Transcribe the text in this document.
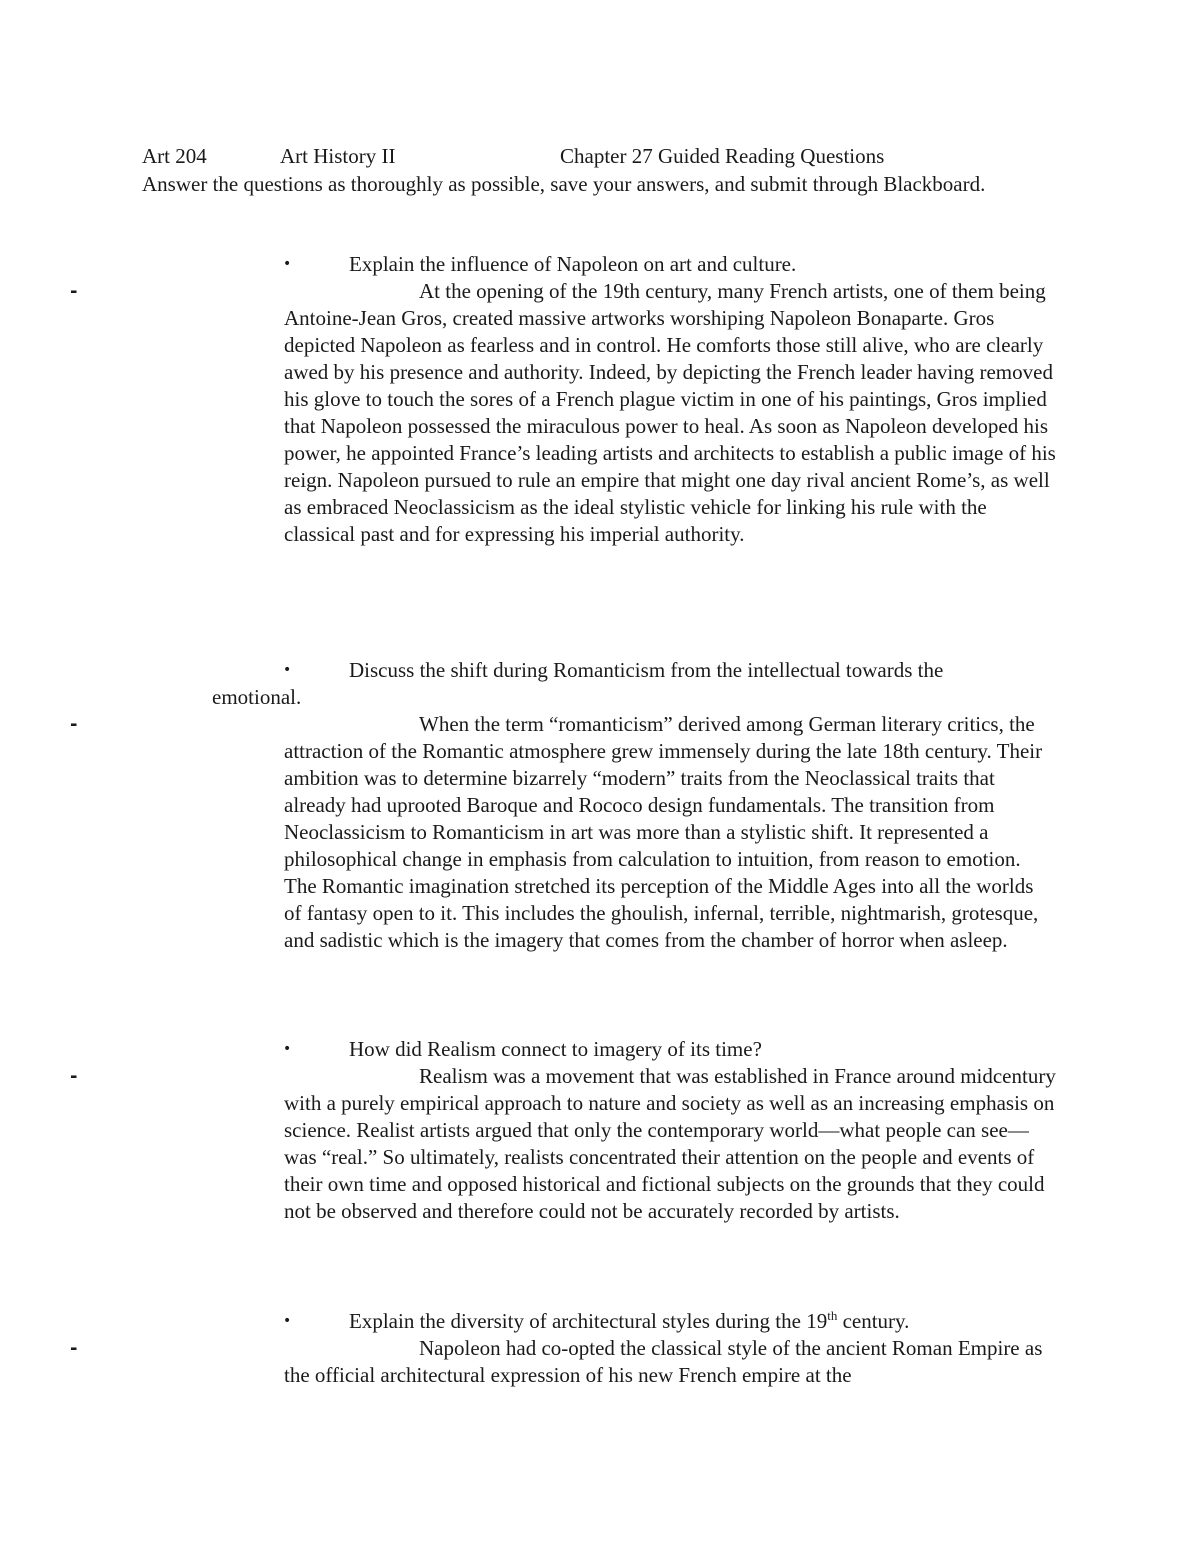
Art 204	Art History II	Chapter 27 Guided Reading Questions

Answer the questions as thoroughly as possible, save your answers, and submit through Blackboard.

•	Explain the influence of Napoleon on art and culture.
-	At the opening of the 19th century, many French artists, one of them being Antoine-Jean Gros, created massive artworks worshiping Napoleon Bonaparte. Gros depicted Napoleon as fearless and in control. He comforts those still alive, who are clearly awed by his presence and authority. Indeed, by depicting the French leader having removed his glove to touch the sores of a French plague victim in one of his paintings, Gros implied that Napoleon possessed the miraculous power to heal. As soon as Napoleon developed his power, he appointed France’s leading artists and architects to establish a public image of his reign. Napoleon pursued to rule an empire that might one day rival ancient Rome’s, as well as embraced Neoclassicism as the ideal stylistic vehicle for linking his rule with the classical past and for expressing his imperial authority.

•	Discuss the shift during Romanticism from the intellectual towards the
emotional.
-	When the term “romanticism” derived among German literary critics, the attraction of the Romantic atmosphere grew immensely during the late 18th century. Their ambition was to determine bizarrely “modern” traits from the Neoclassical traits that already had uprooted Baroque and Rococo design fundamentals. The transition from Neoclassicism to Romanticism in art was more than a stylistic shift. It represented a philosophical change in emphasis from calculation to intuition, from reason to emotion. The Romantic imagination stretched its perception of the Middle Ages into all the worlds of fantasy open to it. This includes the ghoulish, infernal, terrible, nightmarish, grotesque, and sadistic which is the imagery that comes from the chamber of horror when asleep.

•	How did Realism connect to imagery of its time?
-	Realism was a movement that was established in France around midcentury with a purely empirical approach to nature and society as well as an increasing emphasis on science. Realist artists argued that only the contemporary world—what people can see—was “real.” So ultimately, realists concentrated their attention on the people and events of their own time and opposed historical and fictional subjects on the grounds that they could not be observed and therefore could not be accurately recorded by artists.

•	Explain the diversity of architectural styles during the 19th century.
-	Napoleon had co-opted the classical style of the ancient Roman Empire as the official architectural expression of his new French empire at the
